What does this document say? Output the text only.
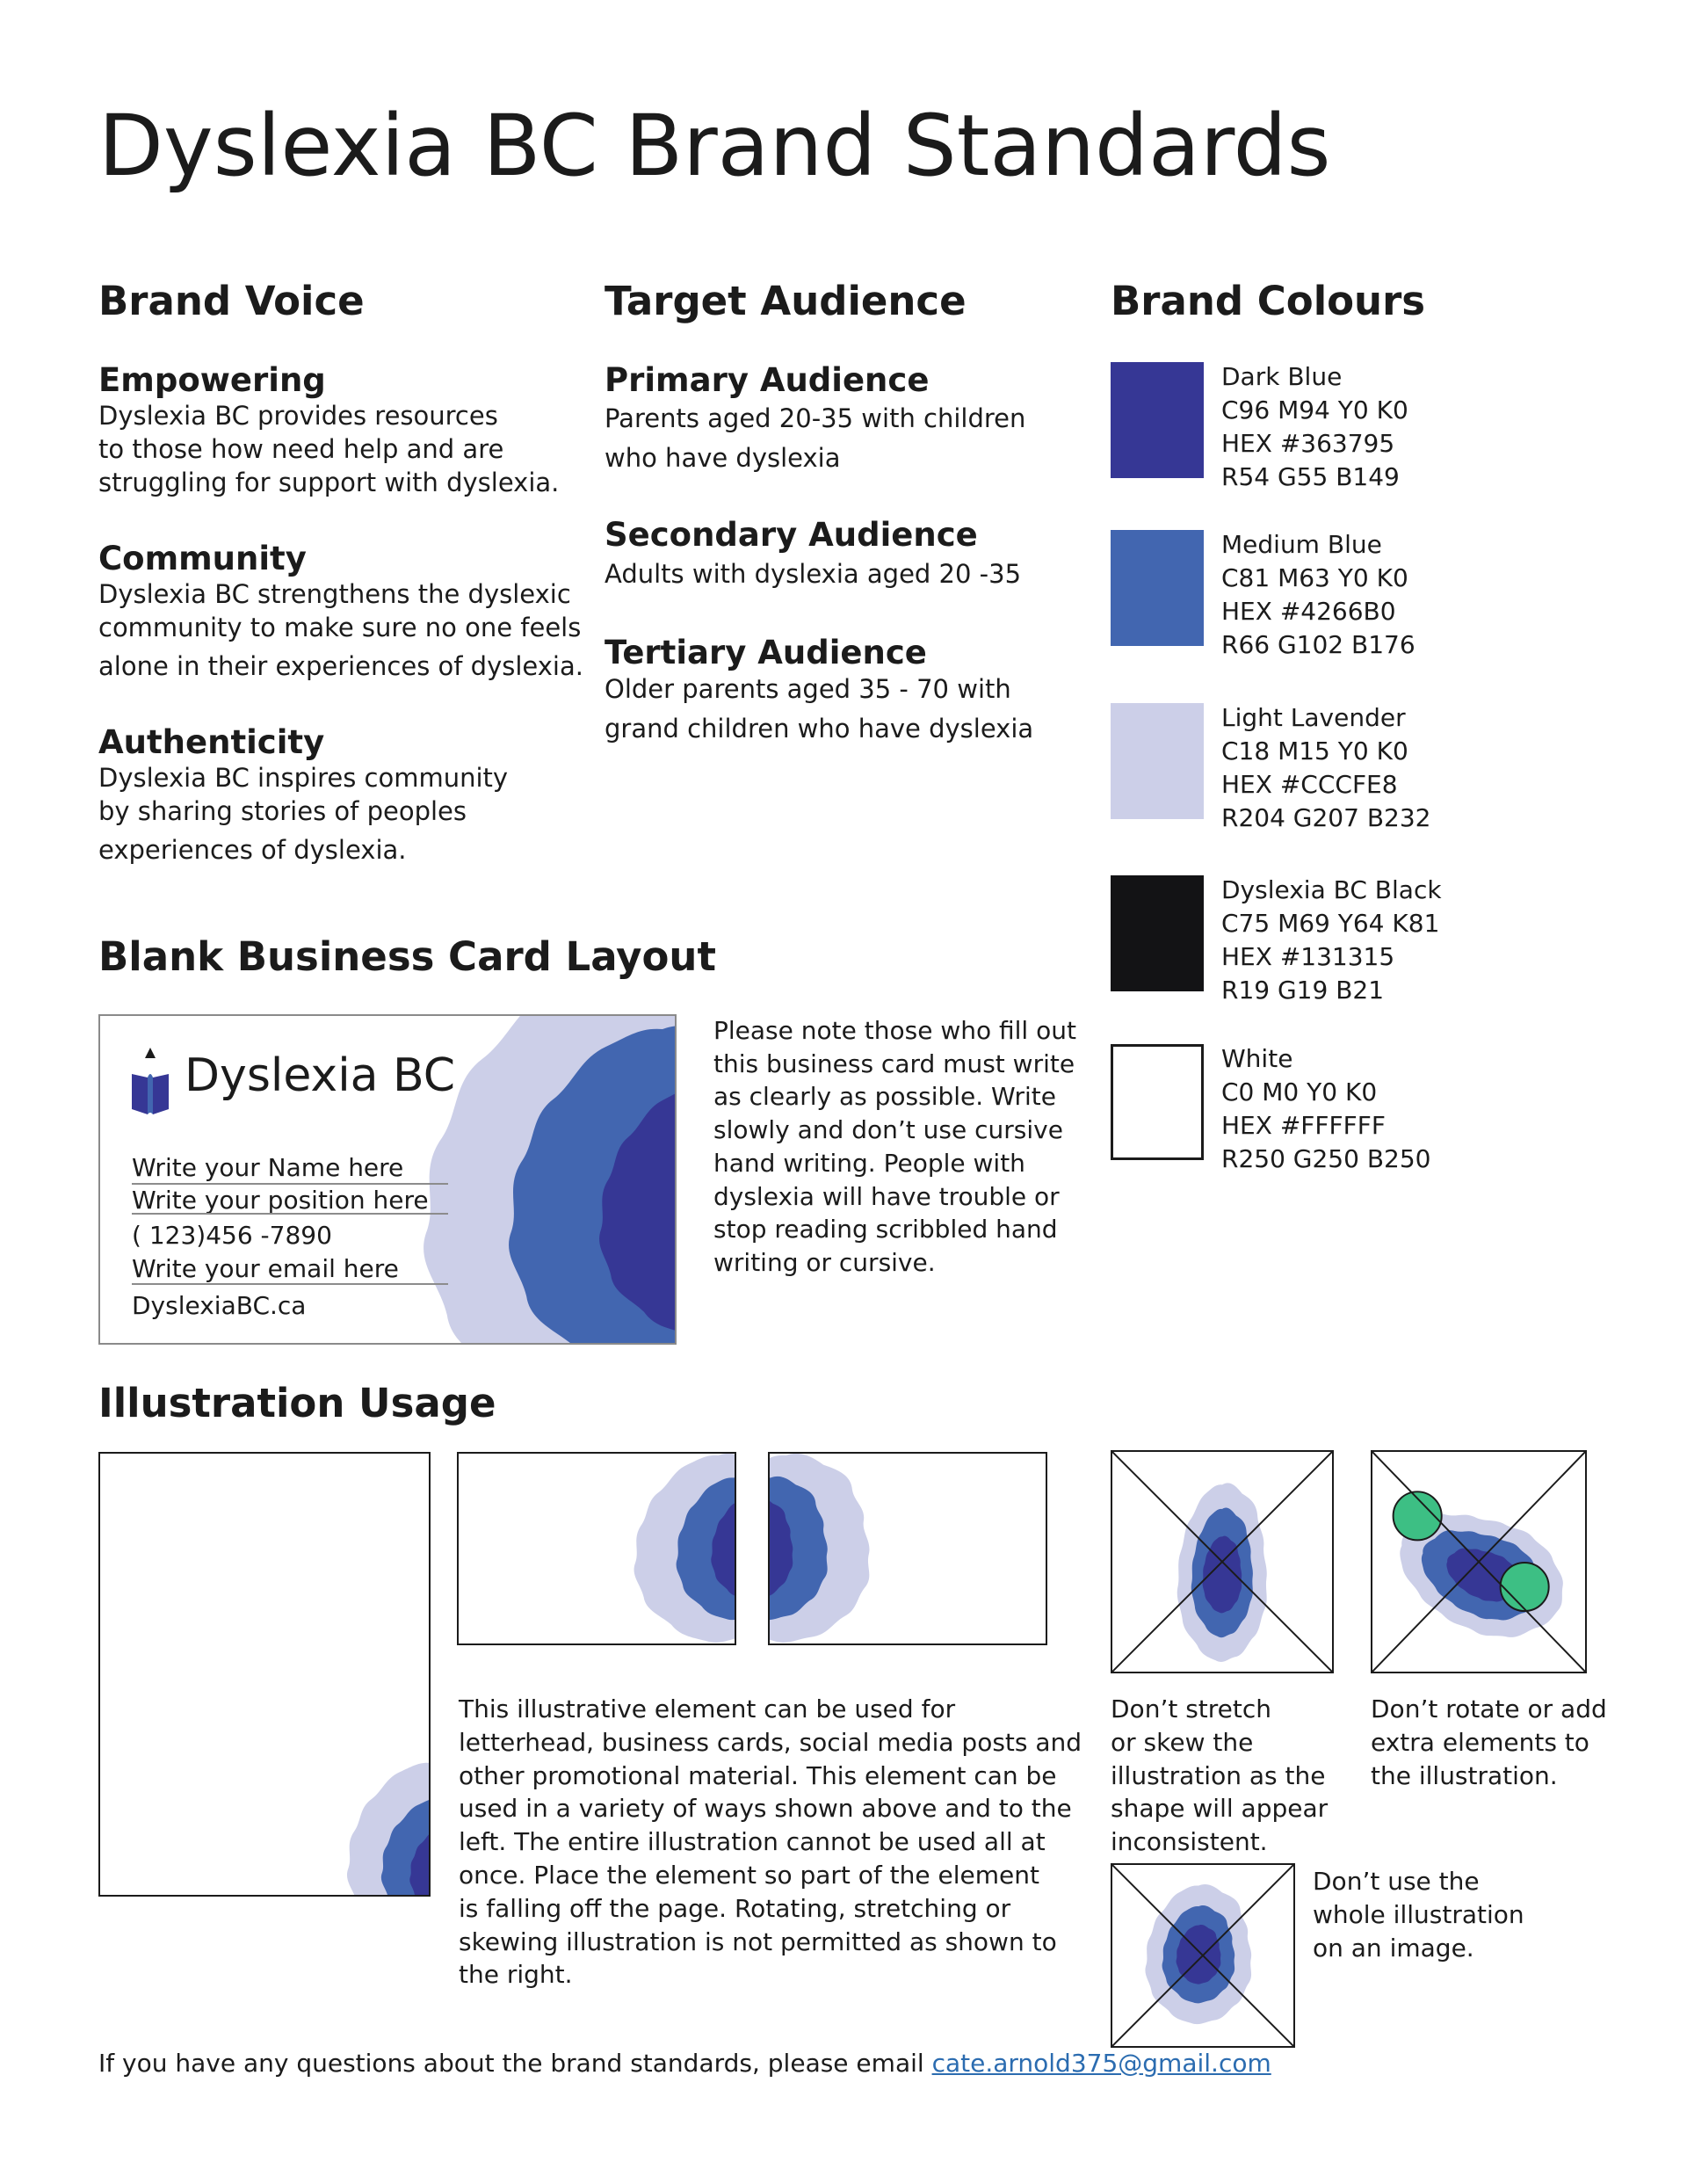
Dyslexia BC Brand Standards
Brand Voice
Empowering

Dyslexia BC provides resources
to those how need help and are
struggling for support with dyslexia.

Community

Dyslexia BC strengthens the dyslexic
community to make sure no one feels
alone in their experiences of dyslexia.

Authenticity

Dyslexia BC inspires community
by sharing stories of peoples
experiences of dyslexia.

Target Audience
Primary Audience

Parents aged 20-35 with children
who have dyslexia

Secondary Audience

Adults with dyslexia aged 20 -35

Tertiary Audience

Older parents aged 35 - 70 with
grand children who have dyslexia

Brand Colours
Dark Blue
C96 M94 Y0 K0
HEX #363795
R54 G55 B149
Medium Blue
C81 M63 Y0 K0
HEX #4266B0
R66 G102 B176
Light Lavender
C18 M15 Y0 K0
HEX #CCCFE8
R204 G207 B232
Dyslexia BC Black
C75 M69 Y64 K81
HEX #131315
R19 G19 B21
White
C0 M0 Y0 K0
HEX #FFFFFF
R250 G250 B250
Blank Business Card Layout
Dyslexia BC
Write your Name here
Write your position here
( 123)456 -7890
Write your email here
DyslexiaBC.ca

Please note those who fill out
this business card must write
as clearly as possible. Write
slowly and don’t use cursive
hand writing. People with
dyslexia will have trouble or
stop reading scribbled hand
writing or cursive.

Illustration Usage

This illustrative element can be used for
letterhead, business cards, social media posts and
other promotional material. This element can be
used in a variety of ways shown above and to the
left. The entire illustration cannot be used all at
once. Place the element so part of the element
is falling off the page. Rotating, stretching or
skewing illustration is not permitted as shown to
the right.

Don’t stretch
or skew the
illustration as the
shape will appear
inconsistent.

Don’t rotate or add
extra elements to
the illustration.

Don’t use the
whole illustration
on an image.

If you have any questions about the brand standards, please email cate.arnold375@gmail.com
